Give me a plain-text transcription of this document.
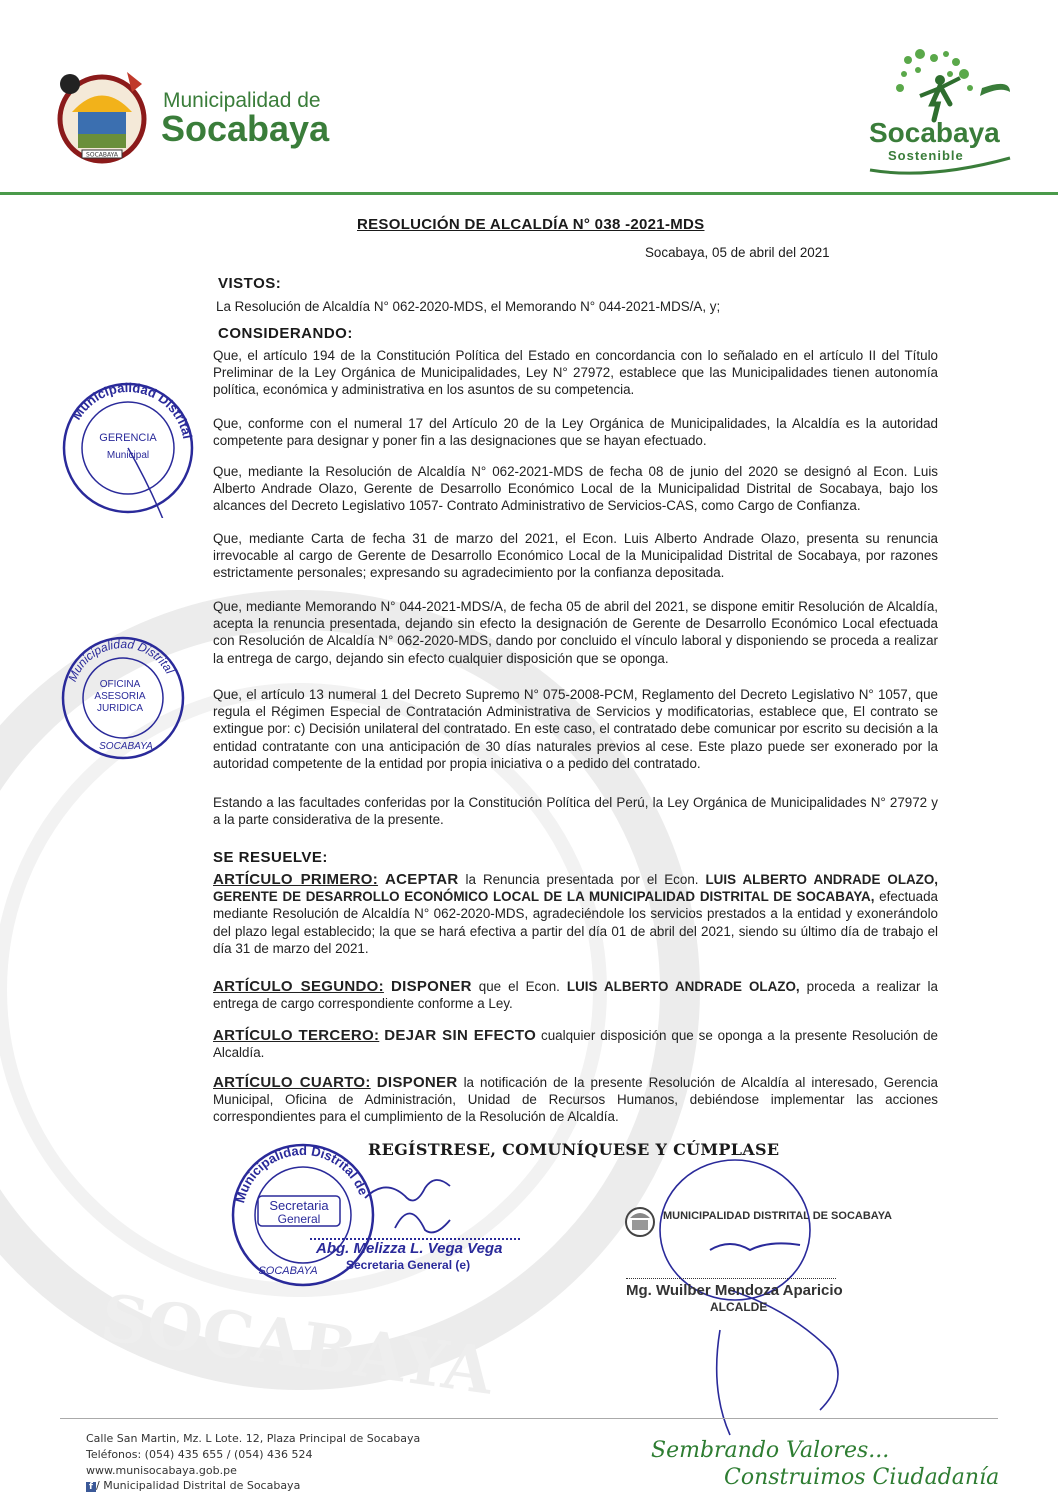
SOCABAYA
SOCABAYA
Municipalidad de
Socabaya	Socabaya
Sostenible
RESOLUCIÓN DE ALCALDÍA N° 038 -2021-MDS
Socabaya, 05 de abril del 2021
VISTOS:
La Resolución de Alcaldía N° 062-2020-MDS, el Memorando N° 044-2021-MDS/A, y;
CONSIDERANDO:
Que, el artículo 194 de la Constitución Política del Estado en concordancia con lo señalado en el artículo II del Título Preliminar de la Ley Orgánica de Municipalidades, Ley N° 27972, establece que las Municipalidades tienen autonomía política, económica y administrativa en los asuntos de su competencia.
Que, conforme con el numeral 17 del Artículo 20 de la Ley Orgánica de Municipalidades, la Alcaldía es la autoridad competente para designar y poner fin a las designaciones que se hayan efectuado.
Que, mediante la Resolución de Alcaldía N° 062-2021-MDS de fecha 08 de junio del 2020 se designó al Econ. Luis Alberto Andrade Olazo, Gerente de Desarrollo Económico Local de la Municipalidad Distrital de Socabaya, bajo los alcances del Decreto Legislativo 1057- Contrato Administrativo de Servicios-CAS, como Cargo de Confianza.
Que, mediante Carta de fecha 31 de marzo del 2021, el Econ. Luis Alberto Andrade Olazo, presenta su renuncia irrevocable al cargo de Gerente de Desarrollo Económico Local de la Municipalidad Distrital de Socabaya, por razones estrictamente personales; expresando su agradecimiento por la confianza depositada.
Que, mediante Memorando N° 044-2021-MDS/A, de fecha 05 de abril del 2021, se dispone emitir Resolución de Alcaldía, acepta la renuncia presentada, dejando sin efecto la designación de Gerente de Desarrollo Económico Local efectuada con Resolución de Alcaldía N° 062-2020-MDS, dando por concluido el vínculo laboral y disponiendo se proceda a realizar la entrega de cargo, dejando sin efecto cualquier disposición que se oponga.
Que, el artículo 13 numeral 1 del Decreto Supremo N° 075-2008-PCM, Reglamento del Decreto Legislativo N° 1057, que regula el Régimen Especial de Contratación Administrativa de Servicios y modificatorias, establece que, El contrato se extingue por: c) Decisión unilateral del contratado. En este caso, el contratado debe comunicar por escrito su decisión a la entidad contratante con una anticipación de 30 días naturales previos al cese. Este plazo puede ser exonerado por la autoridad competente de la entidad por propia iniciativa o a pedido del contratado.
Estando a las facultades conferidas por la Constitución Política del Perú, la Ley Orgánica de Municipalidades N° 27972 y a la parte considerativa de la presente.
SE RESUELVE:
ARTÍCULO PRIMERO: ACEPTAR la Renuncia presentada por el Econ. LUIS ALBERTO ANDRADE OLAZO, GERENTE DE DESARROLLO ECONÓMICO LOCAL DE LA MUNICIPALIDAD DISTRITAL DE SOCABAYA, efectuada mediante Resolución de Alcaldía N° 062-2020-MDS, agradeciéndole los servicios prestados a la entidad y exonerándolo del plazo legal establecido; la que se hará efectiva a partir del día 01 de abril del 2021, siendo su último día de trabajo el día 31 de marzo del 2021.
ARTÍCULO SEGUNDO: DISPONER que el Econ. LUIS ALBERTO ANDRADE OLAZO, proceda a realizar la entrega de cargo correspondiente conforme a Ley.
ARTÍCULO TERCERO: DEJAR SIN EFECTO cualquier disposición que se oponga a la presente Resolución de Alcaldía.
ARTÍCULO CUARTO: DISPONER la notificación de la presente Resolución de Alcaldía al interesado, Gerencia Municipal, Oficina de Administración, Unidad de Recursos Humanos, debiéndose implementar las acciones correspondientes para el cumplimiento de la Resolución de Alcaldía.
REGÍSTRESE, COMUNÍQUESE Y CÚMPLASE
Municipalidad Distrital
GERENCIA
Municipal
Municipalidad Distrital
OFICINA
ASESORIA
JURIDICA
SOCABAYA
Municipalidad Distrital de
Secretaria
General
SOCABAYA
Abg. Melizza L. Vega Vega
Secretaria General (e)
MUNICIPALIDAD DISTRITAL DE SOCABAYA
Mg. Wuilber Mendoza Aparicio
ALCALDE
Calle San Martin, Mz. L Lote. 12, Plaza Principal de Socabaya
Teléfonos: (054) 435 655 / (054) 436 524
www.munisocabaya.gob.pe
f / Municipalidad Distrital de Socabaya
Sembrando Valores...
Construimos Ciudadanía
